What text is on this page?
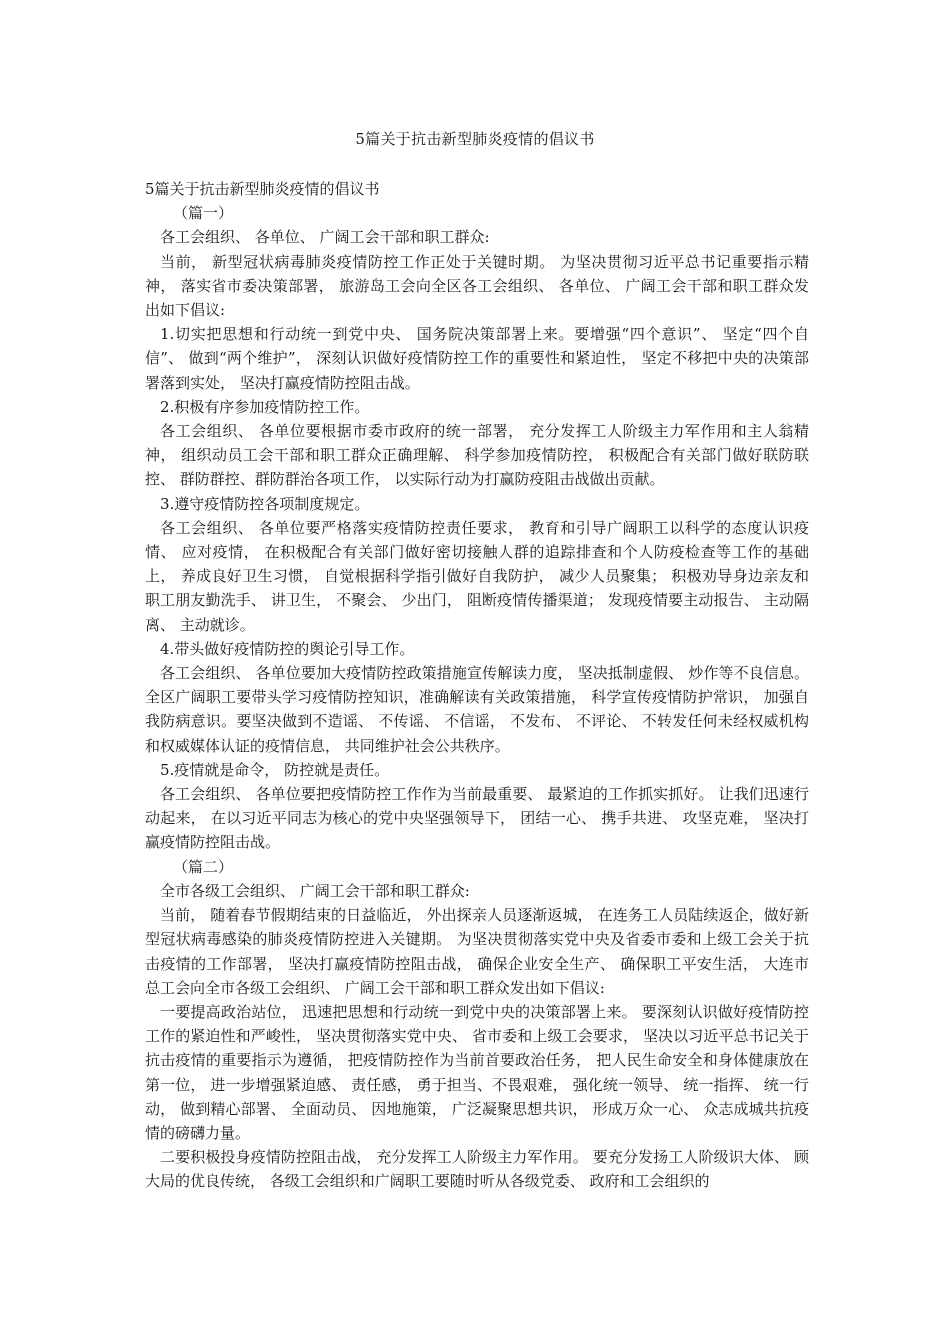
5篇关于抗击新型肺炎疫情的倡议书

5篇关于抗击新型肺炎疫情的倡议书

（篇一）

各工会组织、 各单位、 广阔工会干部和职工群众:

当前， 新型冠状病毒肺炎疫情防控工作正处于关键时期。 为坚决贯彻习近平总书记重要指示精神， 落实省市委决策部署， 旅游岛工会向全区各工会组织、 各单位、 广阔工会干部和职工群众发出如下倡议:

1.切实把思想和行动统一到党中央、 国务院决策部署上来。要增强“四个意识”、 坚定“四个自信”、 做到“两个维护”， 深刻认识做好疫情防控工作的重要性和紧迫性， 坚定不移把中央的决策部署落到实处， 坚决打赢疫情防控阻击战。

2.积极有序参加疫情防控工作。

各工会组织、 各单位要根据市委市政府的统一部署， 充分发挥工人阶级主力军作用和主人翁精神， 组织动员工会干部和职工群众正确理解、 科学参加疫情防控， 积极配合有关部门做好联防联控、 群防群控、群防群治各项工作， 以实际行动为打赢防疫阻击战做出贡献。

3.遵守疫情防控各项制度规定。

各工会组织、 各单位要严格落实疫情防控责任要求， 教育和引导广阔职工以科学的态度认识疫情、 应对疫情， 在积极配合有关部门做好密切接触人群的追踪排查和个人防疫检查等工作的基础上， 养成良好卫生习惯， 自觉根据科学指引做好自我防护， 减少人员聚集； 积极劝导身边亲友和职工朋友勤洗手、 讲卫生， 不聚会、 少出门， 阻断疫情传播渠道； 发现疫情要主动报告、 主动隔离、 主动就诊。

4.带头做好疫情防控的舆论引导工作。

各工会组织、 各单位要加大疫情防控政策措施宣传解读力度， 坚决抵制虚假、 炒作等不良信息。 全区广阔职工要带头学习疫情防控知识，准确解读有关政策措施， 科学宣传疫情防护常识， 加强自我防病意识。要坚决做到不造谣、 不传谣、 不信谣， 不发布、 不评论、 不转发任何未经权威机构和权威媒体认证的疫情信息， 共同维护社会公共秩序。

5.疫情就是命令， 防控就是责任。

各工会组织、 各单位要把疫情防控工作作为当前最重要、 最紧迫的工作抓实抓好。 让我们迅速行动起来， 在以习近平同志为核心的党中央坚强领导下， 团结一心、 携手共进、 攻坚克难， 坚决打赢疫情防控阻击战。

（篇二）

全市各级工会组织、 广阔工会干部和职工群众:

当前， 随着春节假期结束的日益临近， 外出探亲人员逐渐返城， 在连务工人员陆续返企，做好新型冠状病毒感染的肺炎疫情防控进入关键期。 为坚决贯彻落实党中央及省委市委和上级工会关于抗击疫情的工作部署， 坚决打赢疫情防控阻击战， 确保企业安全生产、 确保职工平安生活， 大连市总工会向全市各级工会组织、 广阔工会干部和职工群众发出如下倡议:

一要提高政治站位， 迅速把思想和行动统一到党中央的决策部署上来。 要深刻认识做好疫情防控工作的紧迫性和严峻性， 坚决贯彻落实党中央、 省市委和上级工会要求， 坚决以习近平总书记关于抗击疫情的重要指示为遵循， 把疫情防控作为当前首要政治任务， 把人民生命安全和身体健康放在第一位， 进一步增强紧迫感、 责任感， 勇于担当、不畏艰难， 强化统一领导、 统一指挥、 统一行动， 做到精心部署、 全面动员、 因地施策， 广泛凝聚思想共识， 形成万众一心、 众志成城共抗疫情的磅礴力量。

二要积极投身疫情防控阻击战， 充分发挥工人阶级主力军作用。 要充分发扬工人阶级识大体、 顾大局的优良传统， 各级工会组织和广阔职工要随时听从各级党委、 政府和工会组织的
